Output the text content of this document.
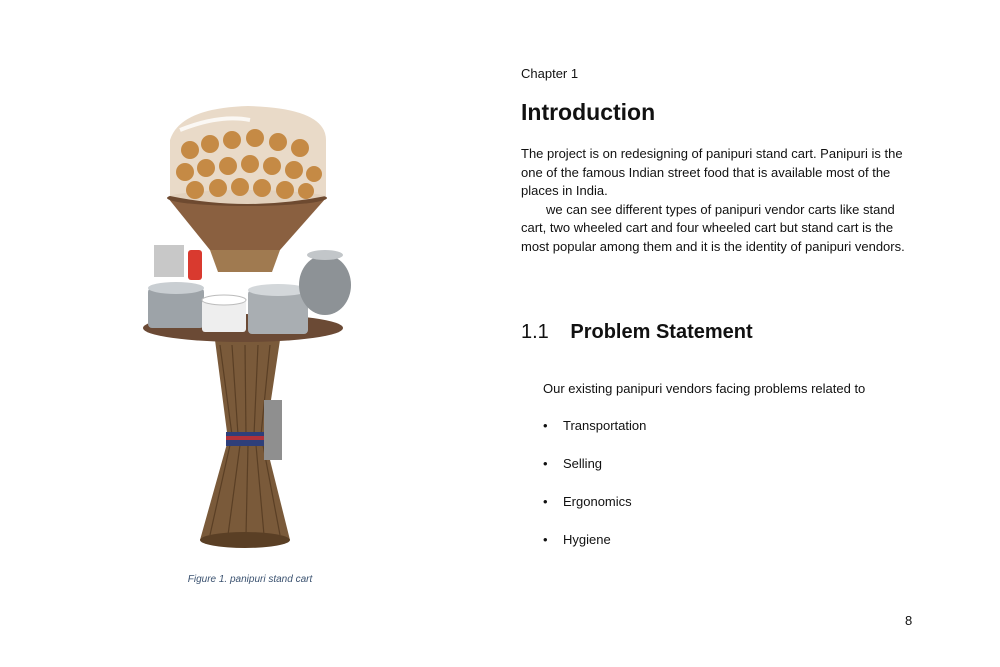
Figure 1. panipuri stand cart
Chapter 1
Introduction

The project is on redesigning of panipuri stand cart. Panipuri is the one of the famous Indian street food that is available most of the places in India.

we can see different types of panipuri vendor carts like stand cart, two wheeled cart and four wheeled cart but stand cart is the most popular among them and it is the identity of panipuri vendors.

1.1 Problem Statement

Our existing panipuri vendors facing problems related to

•	Transportation
•	Selling
•	Ergonomics
•	Hygiene
8
